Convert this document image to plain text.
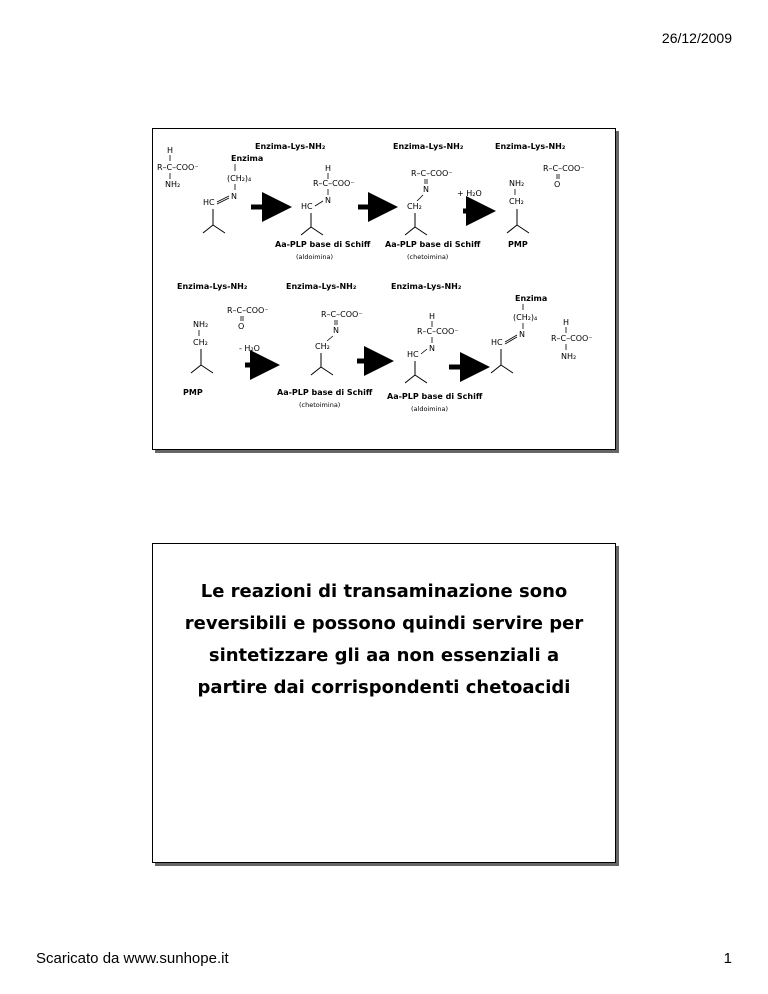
26/12/2009
H
R–C–COO⁻
NH₂
Enzima
(CH₂)₄
N
HC
Enzima-Lys-NH₂	Enzima-Lys-NH₂	Enzima-Lys-NH₂
H
R–C–COO⁻
N
HC
R–C–COO⁻
N
CH₂
+ H₂O
NH₂
CH₂
R–C–COO⁻
O
Aa-PLP base di Schiff
(aldoimina)
Aa-PLP base di Schiff
(chetoimina)
PMP
Enzima-Lys-NH₂	Enzima-Lys-NH₂	Enzima-Lys-NH₂
R–C–COO⁻
O
NH₂
CH₂
- H₂O
R–C–COO⁻
N
CH₂
H
R–C–COO⁻
N
HC
Enzima
(CH₂)₄
N
HC
H
R–C–COO⁻
NH₂
PMP	Aa-PLP base di Schiff
(chetoimina)
Aa-PLP base di Schiff
(aldoimina)
Le reazioni di transaminazione sono
reversibili e possono quindi servire per
sintetizzare gli aa non essenziali a
partire dai corrispondenti chetoacidi
Scaricato da www.sunhope.it	1
